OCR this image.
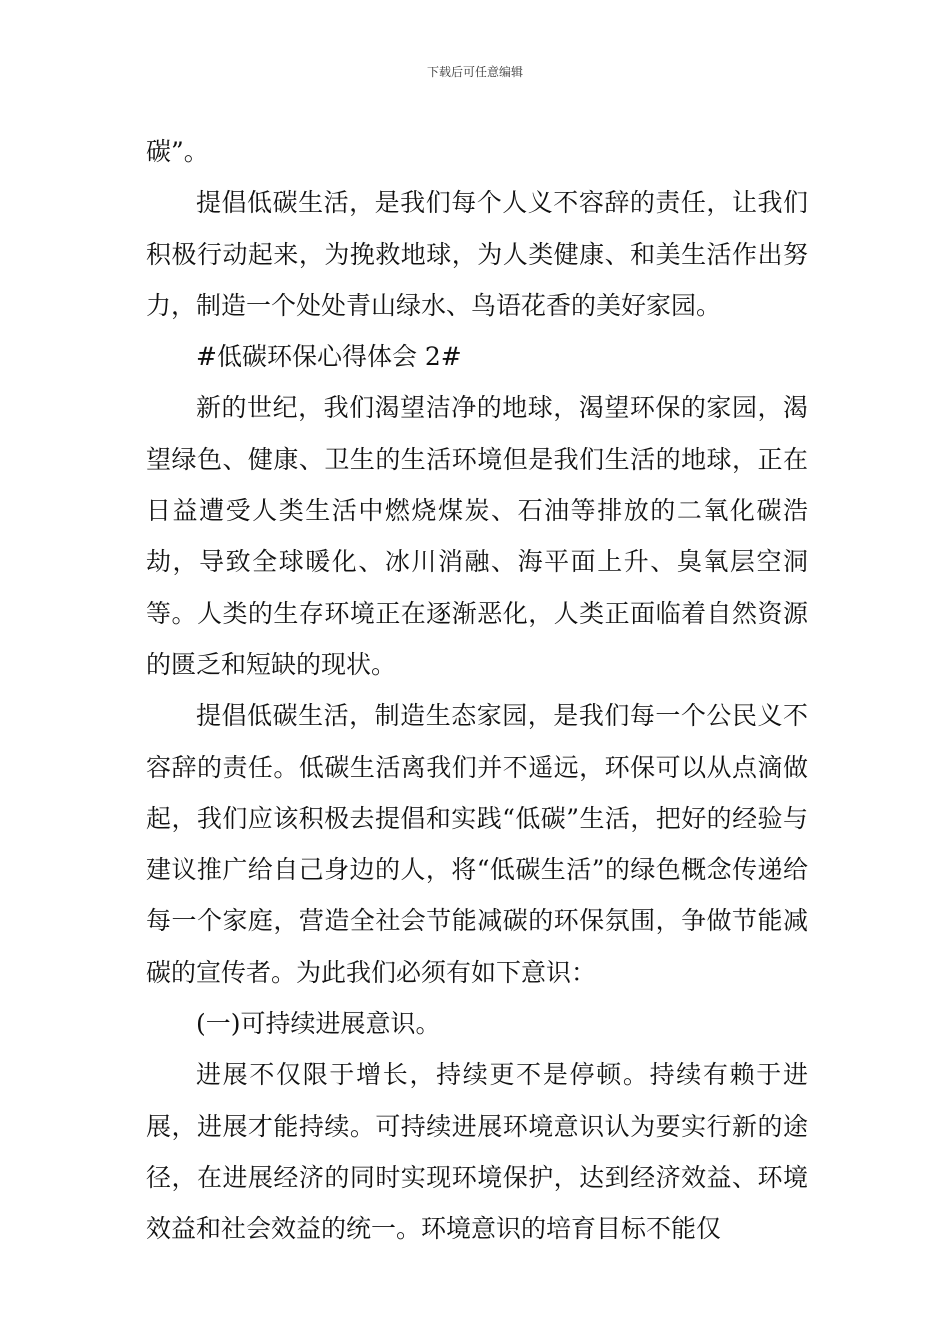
下载后可任意编辑

碳”。

提倡低碳生活，是我们每个人义不容辞的责任，让我们积极行动起来，为挽救地球，为人类健康、和美生活作出努力，制造一个处处青山绿水、鸟语花香的美好家园。

#低碳环保心得体会 2#

新的世纪，我们渴望洁净的地球，渴望环保的家园，渴望绿色、健康、卫生的生活环境但是我们生活的地球，正在日益遭受人类生活中燃烧煤炭、石油等排放的二氧化碳浩劫，导致全球暖化、冰川消融、海平面上升、臭氧层空洞等。人类的生存环境正在逐渐恶化，人类正面临着自然资源的匮乏和短缺的现状。

提倡低碳生活，制造生态家园，是我们每一个公民义不容辞的责任。低碳生活离我们并不遥远，环保可以从点滴做起，我们应该积极去提倡和实践“低碳”生活，把好的经验与建议推广给自己身边的人，将“低碳生活”的绿色概念传递给每一个家庭，营造全社会节能减碳的环保氛围，争做节能减碳的宣传者。为此我们必须有如下意识：

(一)可持续进展意识。

进展不仅限于增长，持续更不是停顿。持续有赖于进展，进展才能持续。可持续进展环境意识认为要实行新的途径，在进展经济的同时实现环境保护，达到经济效益、环境效益和社会效益的统一。环境意识的培育目标不能仅
